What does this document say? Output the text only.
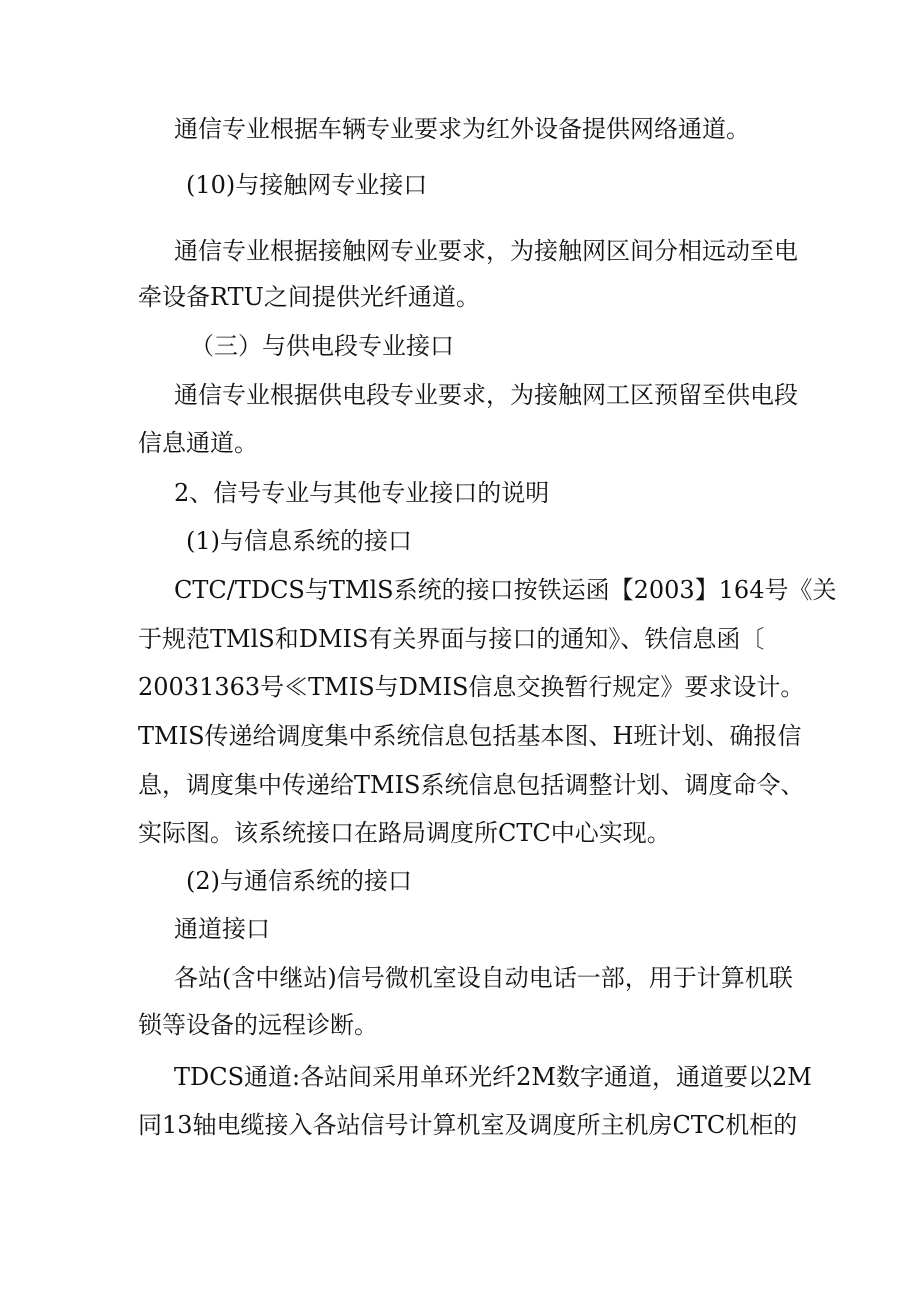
通信专业根据车辆专业要求为红外设备提供网络通道。
(10)与接触网专业接口
通信专业根据接触网专业要求，为接触网区间分相远动至电
牵设备RTU之间提供光纤通道。
（三）与供电段专业接口
通信专业根据供电段专业要求，为接触网工区预留至供电段
信息通道。
2、信号专业与其他专业接口的说明
(1)与信息系统的接口
CTC/TDCS与TMlS系统的接口按铁运函【2003】164号《关
于规范TMlS和DMIS有关界面与接口的通知》、铁信息函〔
20031363号≪TMIS与DMIS信息交换暂行规定》要求设计。
TMIS传递给调度集中系统信息包括基本图、H班计划、确报信
息，调度集中传递给TMIS系统信息包括调整计划、调度命令、
实际图。该系统接口在路局调度所CTC中心实现。
(2)与通信系统的接口
通道接口
各站(含中继站)信号微机室设自动电话一部，用于计算机联
锁等设备的远程诊断。
TDCS通道:各站间采用单环光纤2M数字通道，通道要以2M
同13轴电缆接入各站信号计算机室及调度所主机房CTC机柜的
